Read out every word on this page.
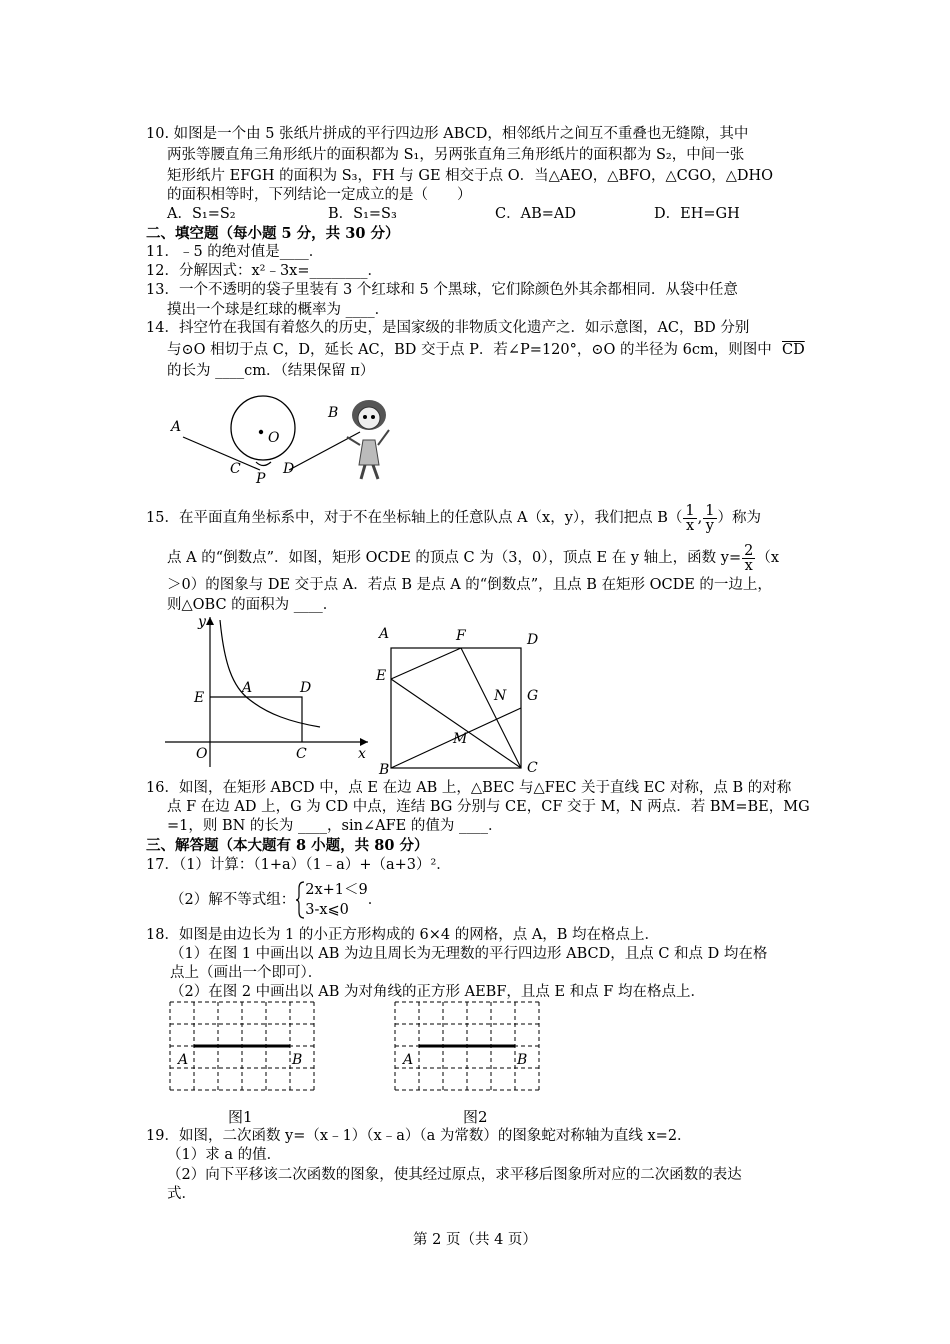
10. 如图是一个由 5 张纸片拼成的平行四边形 ABCD，相邻纸片之间互不重叠也无缝隙，其中
两张等腰直角三角形纸片的面积都为 S₁，另两张直角三角形纸片的面积都为 S₂，中间一张
矩形纸片 EFGH 的面积为 S₃，FH 与 GE 相交于点 O．当△AEO，△BFO，△CGO，△DHO
的面积相等时，下列结论一定成立的是（　　）
A．S₁=S₂	B．S₁=S₃	C．AB=AD	D．EH=GH
二、填空题（每小题 5 分，共 30 分）
11．﹣5 的绝对值是____．
12．分解因式：x²﹣3x=________．
13．一个不透明的袋子里装有 3 个红球和 5 个黑球，它们除颜色外其余都相同．从袋中任意
摸出一个球是红球的概率为 ____．
14．抖空竹在我国有着悠久的历史，是国家级的非物质文化遗产之．如示意图，AC，BD 分别
与⊙O 相切于点 C，D，延长 AC，BD 交于点 P．若∠P=120°，⊙O 的半径为 6cm，则图中 $\overline{CD}$
的长为 ____cm．（结果保留 π）
A
B
O
C	D
P
15．在平面直角坐标系中，对于不在坐标轴上的任意队点 A（x，y），我们把点 $B( \frac{1}{x}$ , $\frac{1}{y}$ ）称为
点 A 的“倒数点”．如图，矩形 OCDE 的顶点 C 为（3，0），顶点 E 在 y 轴上，函数 $y= \frac{2}{x} (x$
＞0）的图象与 DE 交于点 A．若点 B 是点 A 的“倒数点”，且点 B 在矩形 OCDE 的一边上，
则△OBC 的面积为 ____．
y
x
E
A	D
O	C
A	F	D
E
N G
M
B	C
16．如图，在矩形 ABCD 中，点 E 在边 AB 上，△BEC 与△FEC 关于直线 EC 对称，点 B 的对称
点 F 在边 AD 上，G 为 CD 中点，连结 BG 分别与 CE，CF 交于 M，N 两点．若 BM=BE，MG
=1，则 BN 的长为 ____，sin∠AFE 的值为 ____．
三、解答题（本大题有 8 小题，共 80 分）
17．（1）计算：（1+a）（1﹣a）+（a+3）²．
（2）解不等式组：
2x+1＜9
3-x⩽0
．
18．如图是由边长为 1 的小正方形构成的 6×4 的网格，点 A，B 均在格点上．
（1）在图 1 中画出以 AB 为边且周长为无理数的平行四边形 ABCD，且点 C 和点 D 均在格
点上（画出一个即可）．
（2）在图 2 中画出以 AB 为对角线的正方形 AEBF，且点 E 和点 F 均在格点上．
A	B
图1
A	B
图2
19．如图，二次函数 y=（x﹣1）（x﹣a）（a 为常数）的图象蛇对称轴为直线 x=2．
（1）求 a 的值．
（2）向下平移该二次函数的图象，使其经过原点，求平移后图象所对应的二次函数的表达
式．
第 2 页（共 4 页）
